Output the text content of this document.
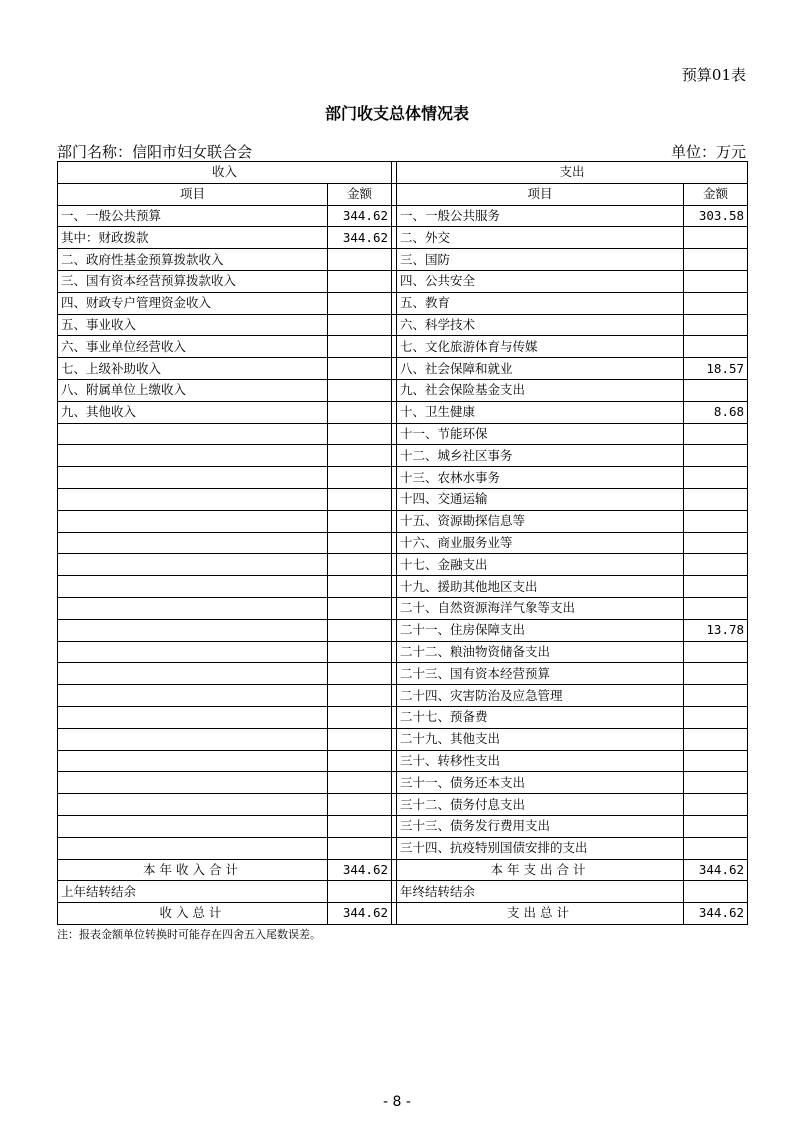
预算01表
部门收支总体情况表
部门名称：信阳市妇女联合会	单位：万元
收入			支出	
项目	金额		项目	金额
一、一般公共预算	344.62		一、一般公共服务	303.58
其中：财政拨款	344.62		二、外交	
二、政府性基金预算拨款收入			三、国防	
三、国有资本经营预算拨款收入			四、公共安全	
四、财政专户管理资金收入			五、教育	
五、事业收入			六、科学技术	
六、事业单位经营收入			七、文化旅游体育与传媒	
七、上级补助收入			八、社会保障和就业	18.57
八、附属单位上缴收入			九、社会保险基金支出	
九、其他收入			十、卫生健康	8.68
			十一、节能环保	
			十二、城乡社区事务	
			十三、农林水事务	
			十四、交通运输	
			十五、资源勘探信息等	
			十六、商业服务业等	
			十七、金融支出	
			十九、援助其他地区支出	
			二十、自然资源海洋气象等支出	
			二十一、住房保障支出	13.78
			二十二、粮油物资储备支出	
			二十三、国有资本经营预算	
			二十四、灾害防治及应急管理	
			二十七、预备费	
			二十九、其他支出	
			三十、转移性支出	
			三十一、债务还本支出	
			三十二、债务付息支出	
			三十三、债务发行费用支出	
			三十四、抗疫特别国债安排的支出	
本年收入合计	344.62		本年支出合计	344.62
上年结转结余			年终结转结余	
收入总计	344.62		支出总计	344.62
注：报表金额单位转换时可能存在四舍五入尾数误差。
- 8 -
